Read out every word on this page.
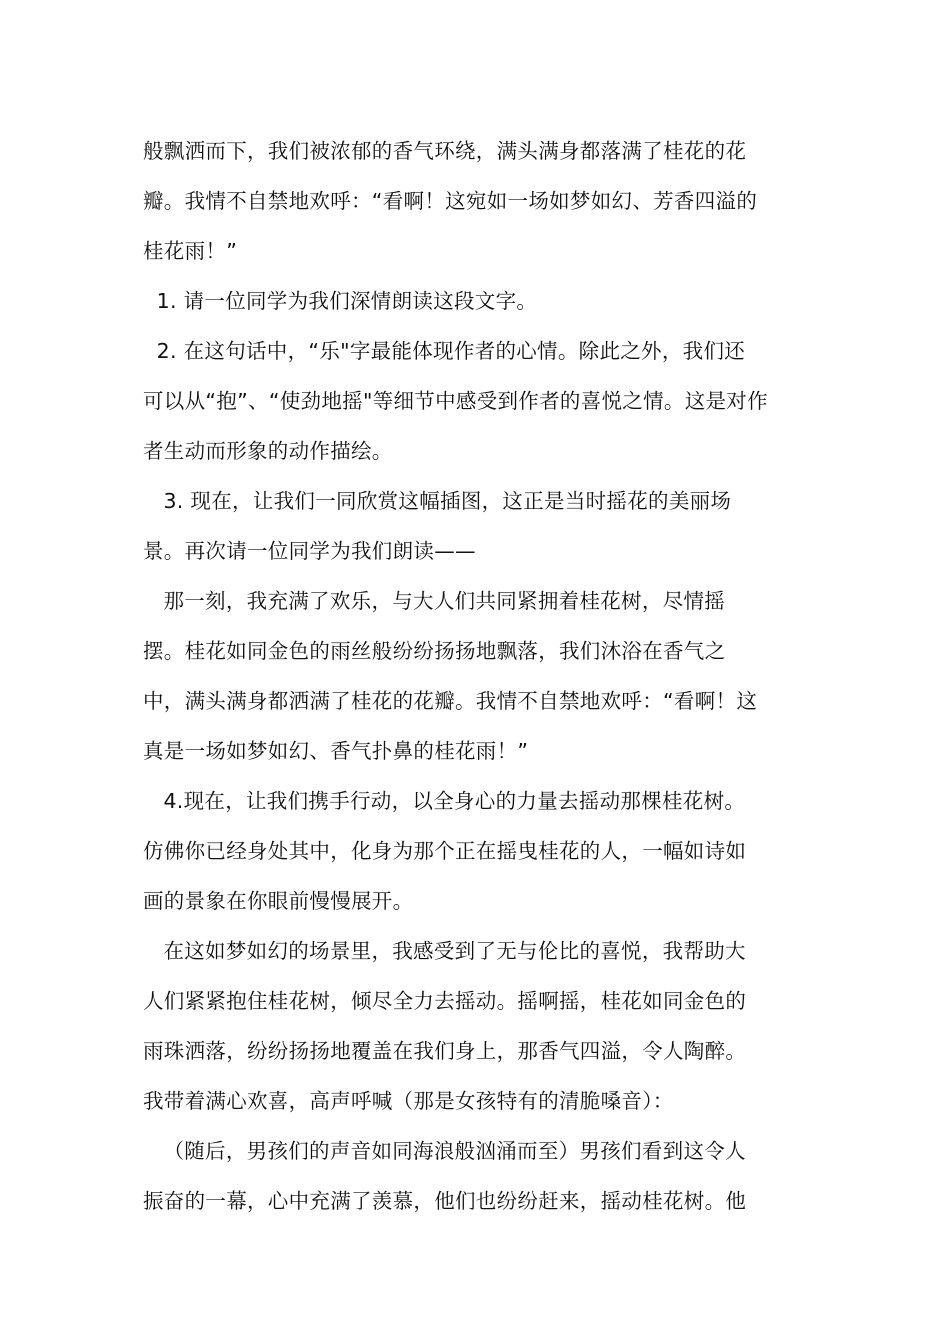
般飘洒而下，我们被浓郁的香气环绕，满头满身都落满了桂花的花
瓣。我情不自禁地欢呼：“看啊！这宛如一场如梦如幻、芳香四溢的
桂花雨！”
1. 请一位同学为我们深情朗读这段文字。
2. 在这句话中，“乐"字最能体现作者的心情。除此之外，我们还
可以从“抱”、“使劲地摇"等细节中感受到作者的喜悦之情。这是对作
者生动而形象的动作描绘。
3. 现在，让我们一同欣赏这幅插图，这正是当时摇花的美丽场
景。再次请一位同学为我们朗读——
那一刻，我充满了欢乐，与大人们共同紧拥着桂花树，尽情摇
摆。桂花如同金色的雨丝般纷纷扬扬地飘落，我们沐浴在香气之
中，满头满身都洒满了桂花的花瓣。我情不自禁地欢呼：“看啊！这
真是一场如梦如幻、香气扑鼻的桂花雨！”
4.现在，让我们携手行动，以全身心的力量去摇动那棵桂花树。
仿佛你已经身处其中，化身为那个正在摇曳桂花的人，一幅如诗如
画的景象在你眼前慢慢展开。
在这如梦如幻的场景里，我感受到了无与伦比的喜悦，我帮助大
人们紧紧抱住桂花树，倾尽全力去摇动。摇啊摇，桂花如同金色的
雨珠洒落，纷纷扬扬地覆盖在我们身上，那香气四溢，令人陶醉。
我带着满心欢喜，高声呼喊（那是女孩特有的清脆嗓音）：
（随后，男孩们的声音如同海浪般汹涌而至）男孩们看到这令人
振奋的一幕，心中充满了羡慕，他们也纷纷赶来，摇动桂花树。他
